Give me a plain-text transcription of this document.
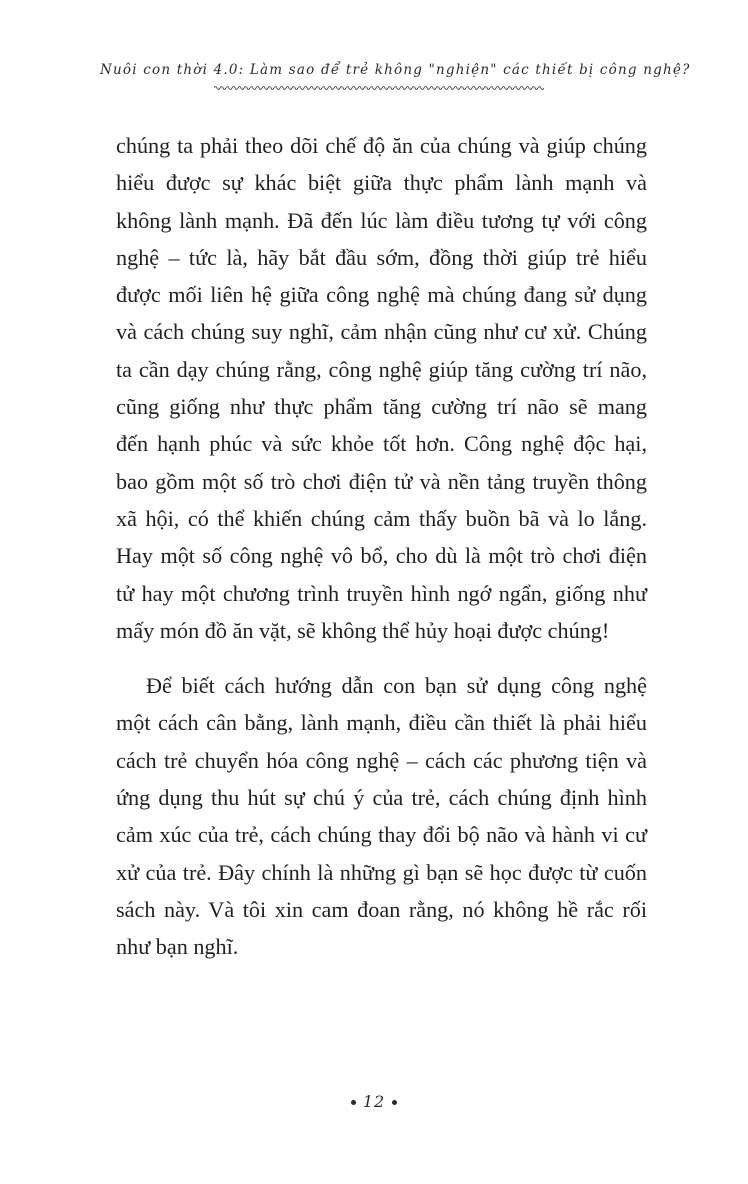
Nuôi con thời 4.0: Làm sao để trẻ không "nghiện" các thiết bị công nghệ?

chúng ta phải theo dõi chế độ ăn của chúng và giúp chúng
hiểu được sự khác biệt giữa thực phẩm lành mạnh và
không lành mạnh. Đã đến lúc làm điều tương tự với công
nghệ – tức là, hãy bắt đầu sớm, đồng thời giúp trẻ hiểu
được mối liên hệ giữa công nghệ mà chúng đang sử dụng
và cách chúng suy nghĩ, cảm nhận cũng như cư xử. Chúng
ta cần dạy chúng rằng, công nghệ giúp tăng cường trí não,
cũng giống như thực phẩm tăng cường trí não sẽ mang
đến hạnh phúc và sức khỏe tốt hơn. Công nghệ độc hại,
bao gồm một số trò chơi điện tử và nền tảng truyền thông
xã hội, có thể khiến chúng cảm thấy buồn bã và lo lắng.
Hay một số công nghệ vô bổ, cho dù là một trò chơi điện
tử hay một chương trình truyền hình ngớ ngẩn, giống như
mấy món đồ ăn vặt, sẽ không thể hủy hoại được chúng!

Để biết cách hướng dẫn con bạn sử dụng công nghệ
một cách cân bằng, lành mạnh, điều cần thiết là phải hiểu
cách trẻ chuyển hóa công nghệ – cách các phương tiện và
ứng dụng thu hút sự chú ý của trẻ, cách chúng định hình
cảm xúc của trẻ, cách chúng thay đổi bộ não và hành vi cư
xử của trẻ. Đây chính là những gì bạn sẽ học được từ cuốn
sách này. Và tôi xin cam đoan rằng, nó không hề rắc rối
như bạn nghĩ.

12
